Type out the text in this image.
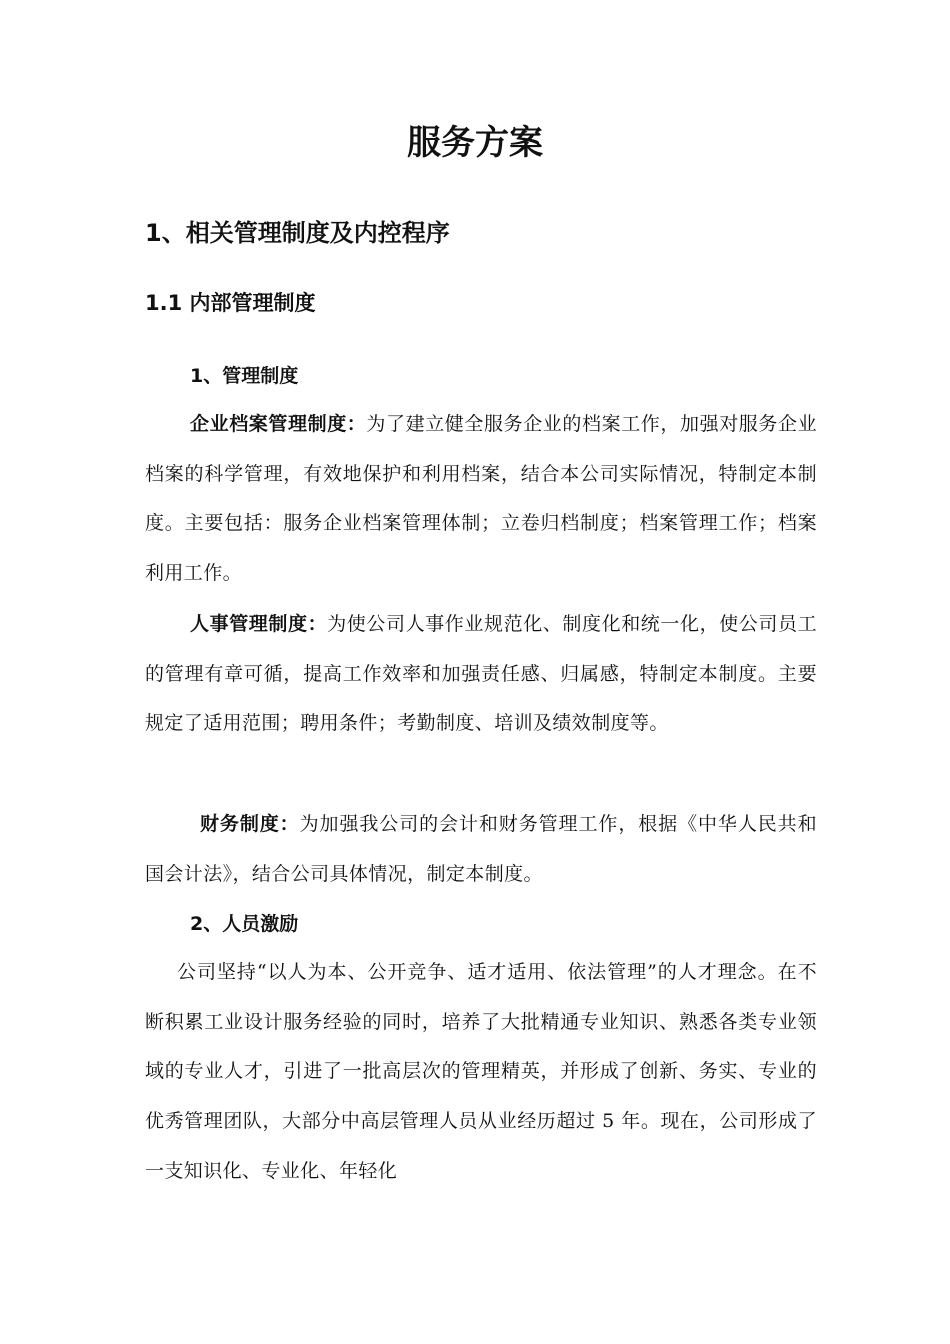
服务方案
1、相关管理制度及内控程序
1.1 内部管理制度
1、管理制度

企业档案管理制度：为了建立健全服务企业的档案工作，加强对服务企业档案的科学管理，有效地保护和利用档案，结合本公司实际情况，特制定本制度。主要包括：服务企业档案管理体制；立卷归档制度；档案管理工作；档案利用工作。

人事管理制度：为使公司人事作业规范化、制度化和统一化，使公司员工的管理有章可循，提高工作效率和加强责任感、归属感，特制定本制度。主要规定了适用范围；聘用条件；考勤制度、培训及绩效制度等。

财务制度：为加强我公司的会计和财务管理工作，根据《中华人民共和国会计法》，结合公司具体情况，制定本制度。

2、人员激励

公司坚持“以人为本、公开竞争、适才适用、依法管理”的人才理念。在不断积累工业设计服务经验的同时，培养了大批精通专业知识、熟悉各类专业领域的专业人才，引进了一批高层次的管理精英，并形成了创新、务实、专业的优秀管理团队，大部分中高层管理人员从业经历超过 5 年。现在，公司形成了一支知识化、专业化、年轻化
